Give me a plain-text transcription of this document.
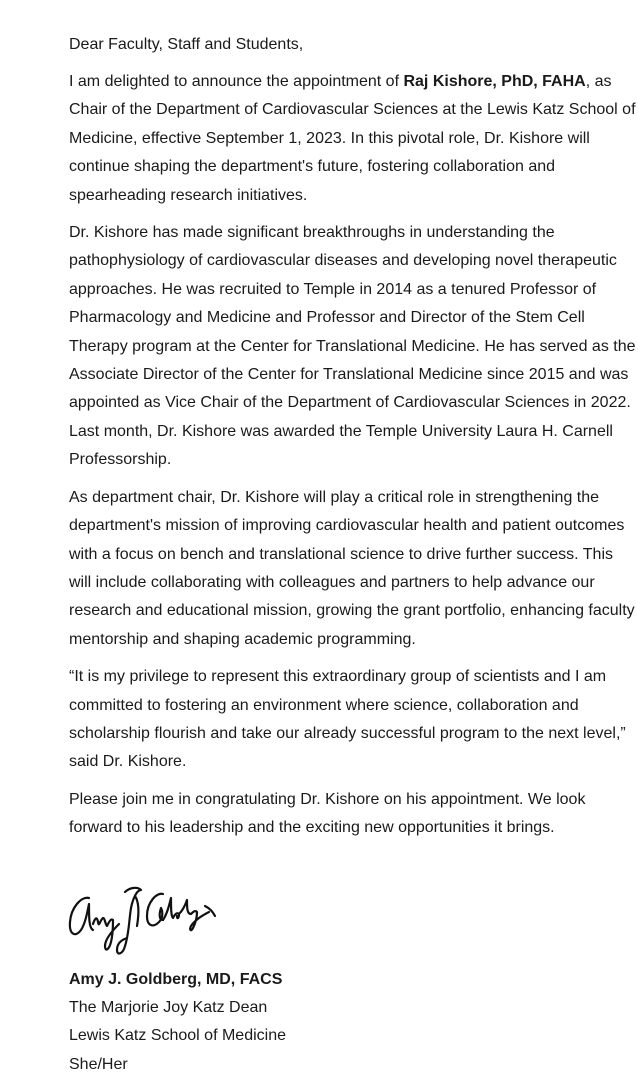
Dear Faculty, Staff and Students,

I am delighted to announce the appointment of Raj Kishore, PhD, FAHA, as Chair of the Department of Cardiovascular Sciences at the Lewis Katz School of Medicine, effective September 1, 2023. In this pivotal role, Dr. Kishore will continue shaping the department's future, fostering collaboration and spearheading research initiatives.

Dr. Kishore has made significant breakthroughs in understanding the pathophysiology of cardiovascular diseases and developing novel therapeutic approaches. He was recruited to Temple in 2014 as a tenured Professor of Pharmacology and Medicine and Professor and Director of the Stem Cell Therapy program at the Center for Translational Medicine. He has served as the Associate Director of the Center for Translational Medicine since 2015 and was appointed as Vice Chair of the Department of Cardiovascular Sciences in 2022. Last month, Dr. Kishore was awarded the Temple University Laura H. Carnell Professorship.

As department chair, Dr. Kishore will play a critical role in strengthening the department's mission of improving cardiovascular health and patient outcomes with a focus on bench and translational science to drive further success. This will include collaborating with colleagues and partners to help advance our research and educational mission, growing the grant portfolio, enhancing faculty mentorship and shaping academic programming.

“It is my privilege to represent this extraordinary group of scientists and I am committed to fostering an environment where science, collaboration and scholarship flourish and take our already successful program to the next level,” said Dr. Kishore.

Please join me in congratulating Dr. Kishore on his appointment. We look forward to his leadership and the exciting new opportunities it brings.

Amy J. Goldberg, MD, FACS
The Marjorie Joy Katz Dean
Lewis Katz School of Medicine
She/Her
